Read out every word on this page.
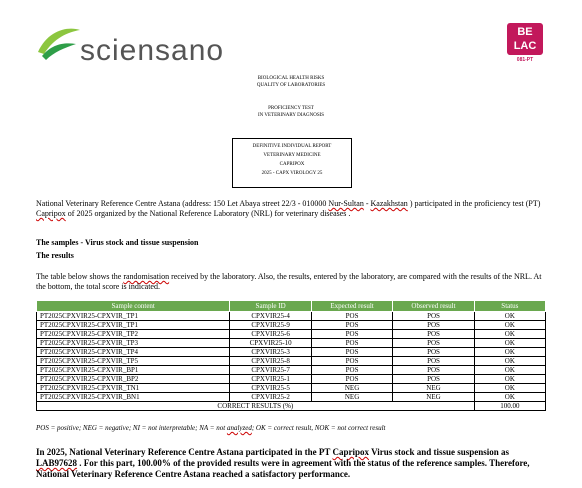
sciensano
BE
LAC
081-PT
BIOLOGICAL HEALTH RISKS
QUALITY OF LABORATORIES
PROFICIENCY TEST
IN VETERINARY DIAGNOSIS
DEFINITIVE INDIVIDUAL REPORT
VETERINARY MEDICINE
CAPRIPOX
2025 - CAPX VIROLOGY 25
National Veterinary Reference Centre Astana (address: 150 Let Abaya street 22/3 - 010000 Nur-Sultan - Kazakhstan ) participated in the proficiency test (PT) Capripox of 2025 organized by the National Reference Laboratory (NRL) for veterinary diseases .
The samples - Virus stock and tissue suspension
The results
The table below shows the randomisation received by the laboratory. Also, the results, entered by the laboratory, are compared with the results of the NRL. At the bottom, the total score is indicated.
Sample content	Sample ID	Expected result	Observed result	Status
PT2025CPXVIR25-CPXVIR_TP1	CPXVIR25-4	POS	POS	OK
PT2025CPXVIR25-CPXVIR_TP1	CPXVIR25-9	POS	POS	OK
PT2025CPXVIR25-CPXVIR_TP2	CPXVIR25-6	POS	POS	OK
PT2025CPXVIR25-CPXVIR_TP3	CPXVIR25-10	POS	POS	OK
PT2025CPXVIR25-CPXVIR_TP4	CPXVIR25-3	POS	POS	OK
PT2025CPXVIR25-CPXVIR_TP5	CPXVIR25-8	POS	POS	OK
PT2025CPXVIR25-CPXVIR_BP1	CPXVIR25-7	POS	POS	OK
PT2025CPXVIR25-CPXVIR_BP2	CPXVIR25-1	POS	POS	OK
PT2025CPXVIR25-CPXVIR_TN1	CPXVIR25-5	NEG	NEG	OK
PT2025CPXVIR25-CPXVIR_BN1	CPXVIR25-2	NEG	NEG	OK
CORRECT RESULTS (%)				100.00
POS = positive; NEG = negative; NI = not interpretable; NA = not analyzed; OK = correct result, NOK = not correct result
In 2025, National Veterinary Reference Centre Astana participated in the PT Capripox Virus stock and tissue suspension as LAB97628 . For this part, 100.00% of the provided results were in agreement with the status of the reference samples. Therefore, National Veterinary Reference Centre Astana reached a satisfactory performance.
